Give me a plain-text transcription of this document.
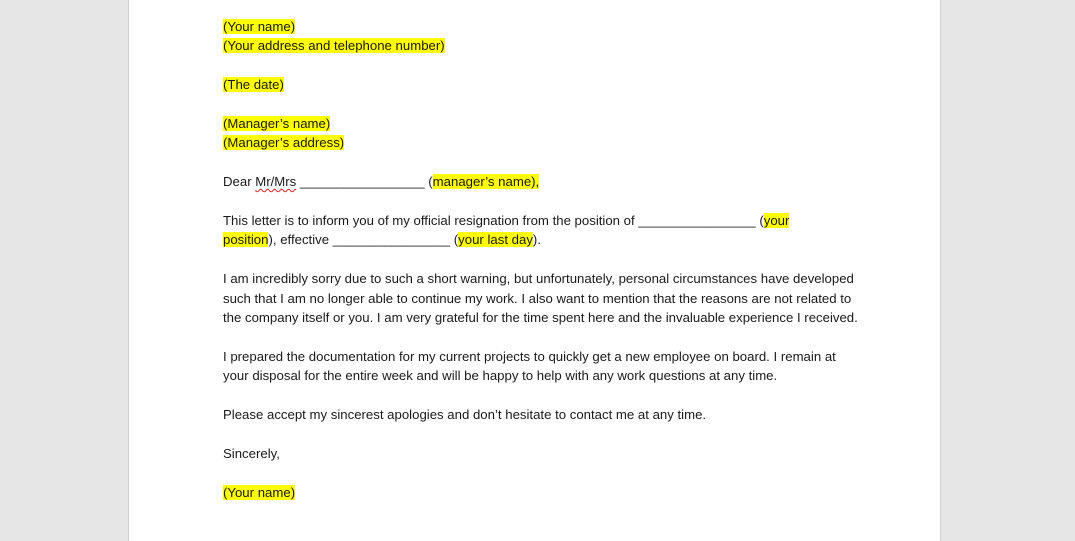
(Your name)
(Your address and telephone number)
(The date)
(Manager’s name)
(Manager’s address)
Dear Mr/Mrs _________________ (manager’s name),
This letter is to inform you of my official resignation from the position of ________________ (your
position), effective ________________ (your last day).
I am incredibly sorry due to such a short warning, but unfortunately, personal circumstances have developed such that I am no longer able to continue my work. I also want to mention that the reasons are not related to the company itself or you. I am very grateful for the time spent here and the invaluable experience I received.
I prepared the documentation for my current projects to quickly get a new employee on board. I remain at your disposal for the entire week and will be happy to help with any work questions at any time.
Please accept my sincerest apologies and don’t hesitate to contact me at any time.
Sincerely,
(Your name)
